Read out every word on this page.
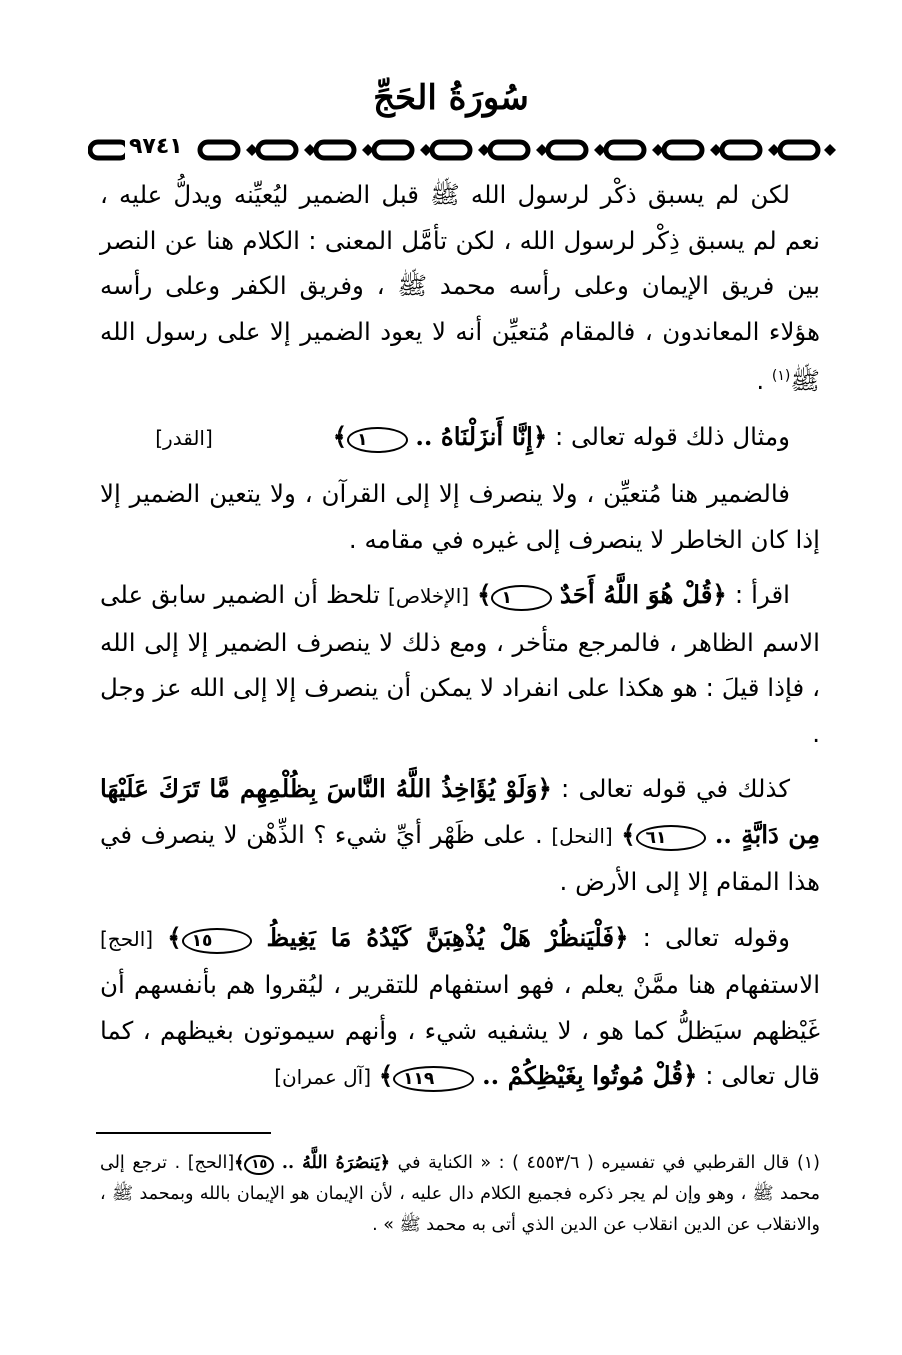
سُورَةُ الحَجِّ
٩٧٤١

لكن لم يسبق ذكْر لرسول الله ﷺ قبل الضمير ليُعيِّنه ويدلُّ عليه ، نعم لم يسبق ذِكْر لرسول الله ، لكن تأمَّل المعنى : الكلام هنا عن النصر بين فريق الإيمان وعلى رأسه محمد ﷺ ، وفريق الكفر وعلى رأسه هؤلاء المعاندون ، فالمقام مُتعيِّن أنه لا يعود الضمير إلا على رسول الله ﷺ$^{(١)}$ .

ومثال ذلك قوله تعالى : ﴿إِنَّا أَنزَلْنَاهُ .. ١﴾[القدر]

فالضمير هنا مُتعيِّن ، ولا ينصرف إلا إلى القرآن ، ولا يتعين الضمير إلا إذا كان الخاطر لا ينصرف إلى غيره في مقامه .

اقرأ : ﴿قُلْ هُوَ اللَّهُ أَحَدٌ ١﴾ [الإخلاص] تلحظ أن الضمير سابق على الاسم الظاهر ، فالمرجع متأخر ، ومع ذلك لا ينصرف الضمير إلا إلى الله ، فإذا قيلَ : هو هكذا على انفراد لا يمكن أن ينصرف إلا إلى الله عز وجل .

كذلك في قوله تعالى : ﴿وَلَوْ يُؤَاخِذُ اللَّهُ النَّاسَ بِظُلْمِهِم مَّا تَرَكَ عَلَيْهَا مِن دَابَّةٍ .. ٦١﴾ [النحل] . على ظَهْر أيِّ شيء ؟ الذِّهْن لا ينصرف في هذا المقام إلا إلى الأرض .

وقوله تعالى : ﴿فَلْيَنظُرْ هَلْ يُذْهِبَنَّ كَيْدُهُ مَا يَغِيظُ ١٥﴾ [الحج] الاستفهام هنا ممَّنْ يعلم ، فهو استفهام للتقرير ، ليُقروا هم بأنفسهم أن غَيْظهم سيَظلُّ كما هو ، لا يشفيه شيء ، وأنهم سيموتون بغيظهم ، كما قال تعالى : ﴿قُلْ مُوتُوا بِغَيْظِكُمْ .. ١١٩﴾ [آل عمران]

(١) قال القرطبي في تفسيره ( ٤٥٥٣/٦ ) : « الكناية في ﴿يَنصُرَهُ اللَّهُ .. ١٥﴾[الحج] . ترجع إلى محمد ﷺ ، وهو وإن لم يجر ذكره فجميع الكلام دال عليه ، لأن الإيمان هو الإيمان بالله وبمحمد ﷺ ، والانقلاب عن الدين انقلاب عن الدين الذي أتى به محمد ﷺ » .
